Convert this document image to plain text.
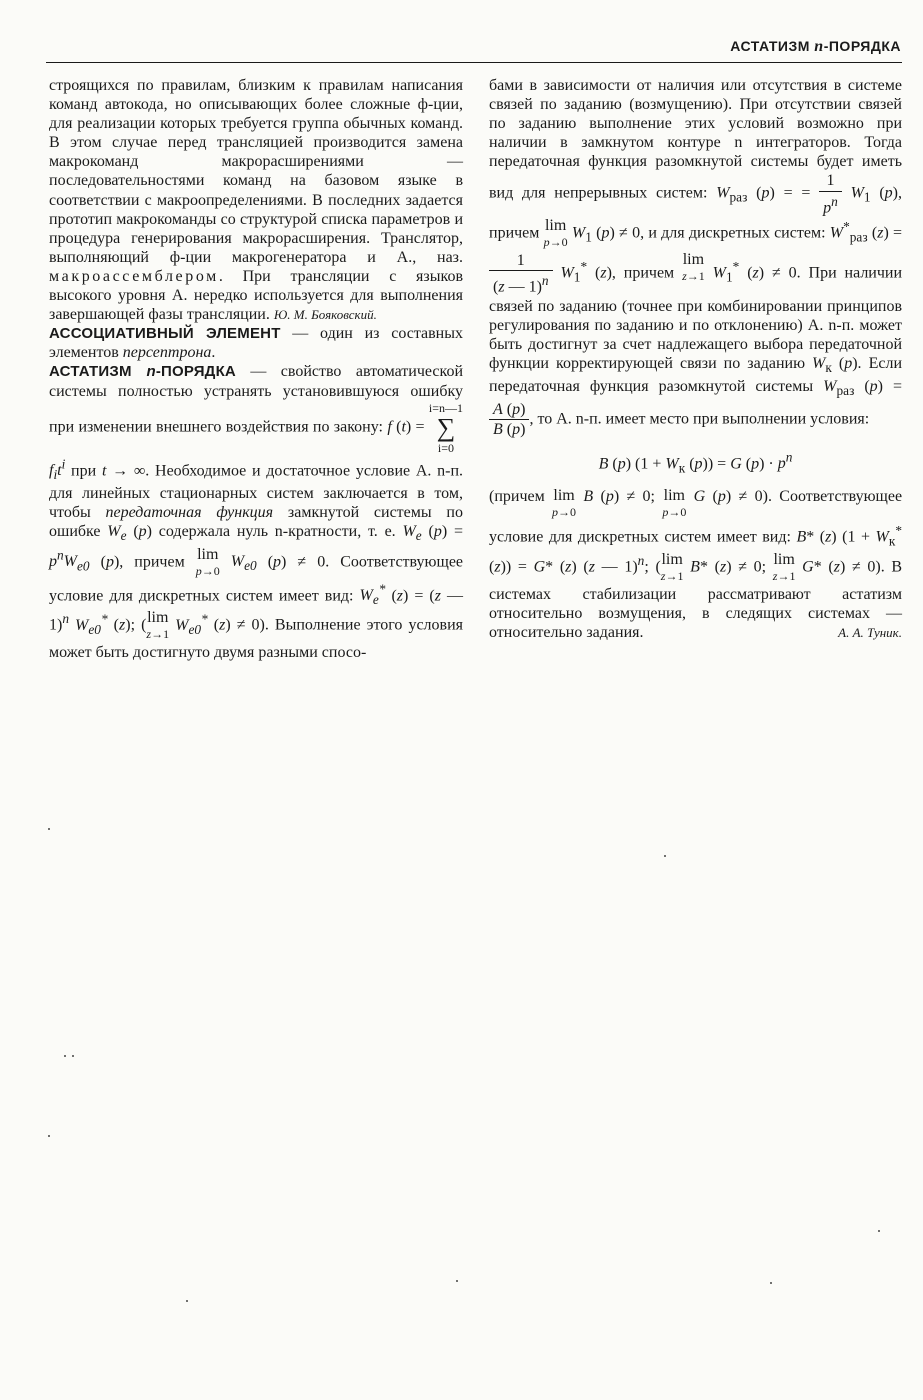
АСТАТИЗМ n-ПОРЯДКА

строящихся по правилам, близким к правилам написания команд автокода, но описывающих более сложные ф-ции, для реализации которых требуется группа обычных команд. В этом случае перед трансляцией производится замена макрокоманд макрорасширениями — последовательностями команд на базовом языке в соответствии с макроопределениями. В последних задается прототип макрокоманды со структурой списка параметров и процедура генерирования макрорасширения. Транслятор, выполняющий ф-ции макрогенератора и А., наз. макроассемблером. При трансляции с языков высокого уровня А. нередко используется для выполнения завершающей фазы трансляции. Ю. М. Бояковский.

АССОЦИАТИВНЫЙ ЭЛЕМЕНТ — один из составных элементов персептрона.

АСТАТИЗМ n-ПОРЯДКА — свойство автоматической системы полностью устранять установившуюся ошибку при изменении внешнего воздействия по закону: f (t) =
i=n—1
∑
i=0
$f_it^i$ при t → ∞. Необходимое и достаточное условие А. n-п. для линейных стационарных систем заключается в том, чтобы передаточная функция замкнутой системы по ошибке $W_e$ (p) содержала нуль n-кратности, т. е. $W_e$ $(p) = p^nW_{e0}$ (p), причем lim
p→0
$W_{e0}$ (p) ≠ 0. Соответствующее условие для дискретных систем имеет вид: $W_e^*$ (z) = (z — 1)$^n$ $W_{e0}^*$ (z); (lim
z→1
$W_{e0}^*$ (z) ≠ 0). Выполнение этого условия может быть достигнуто двумя разными спосо-

бами в зависимости от наличия или отсутствия в системе связей по заданию (возмущению). При отсутствии связей по заданию выполнение этих условий возможно при наличии в замкнутом контуре n интеграторов. Тогда передаточная функция разомкнутой системы будет иметь вид для непрерывных систем: $W_{раз}$ (p) = = $\frac{1}{p^n} W_1$ (p), причем lim
p→0
$W_1$ (p) ≠ 0, и для дискретных систем: $W^*_{раз}$ (z) =
$\frac{1}{(z — 1)^n} W_1^*$ (z), причем lim
z→1 $W_1^*$ (z) ≠ 0. При наличии связей по заданию (точнее при комбинировании принципов регулирования по заданию и по отклонению) А. n-п. может быть достигнут за счет надлежащего выбора передаточной функции корректирующей связи по заданию $W_к$ (p). Если передаточная функция разомкнутой системы $W_{раз}$ (p) =
$\frac{A (p)}{B (p)}$ , то А. n-п. имеет место при выполнении условия:

B (p) ($1 + W_к$ (p)) = G $(p) \cdot p^n$

(причем lim
p→0
B (p) ≠ 0; lim
p→0
G (p) ≠ 0). Соответствующее условие для дискретных систем имеет вид: B* (z) ($1 + W_к^*$ (z)) = G* (z) (z — 1)$^n$; (lim
z→1
B* (z) ≠ 0; lim
z→1
G* (z) ≠ 0). В системах стабилизации рассматривают астатизм относительно возмущения, в следящих системах — относительно задания.	А. А. Туник.
